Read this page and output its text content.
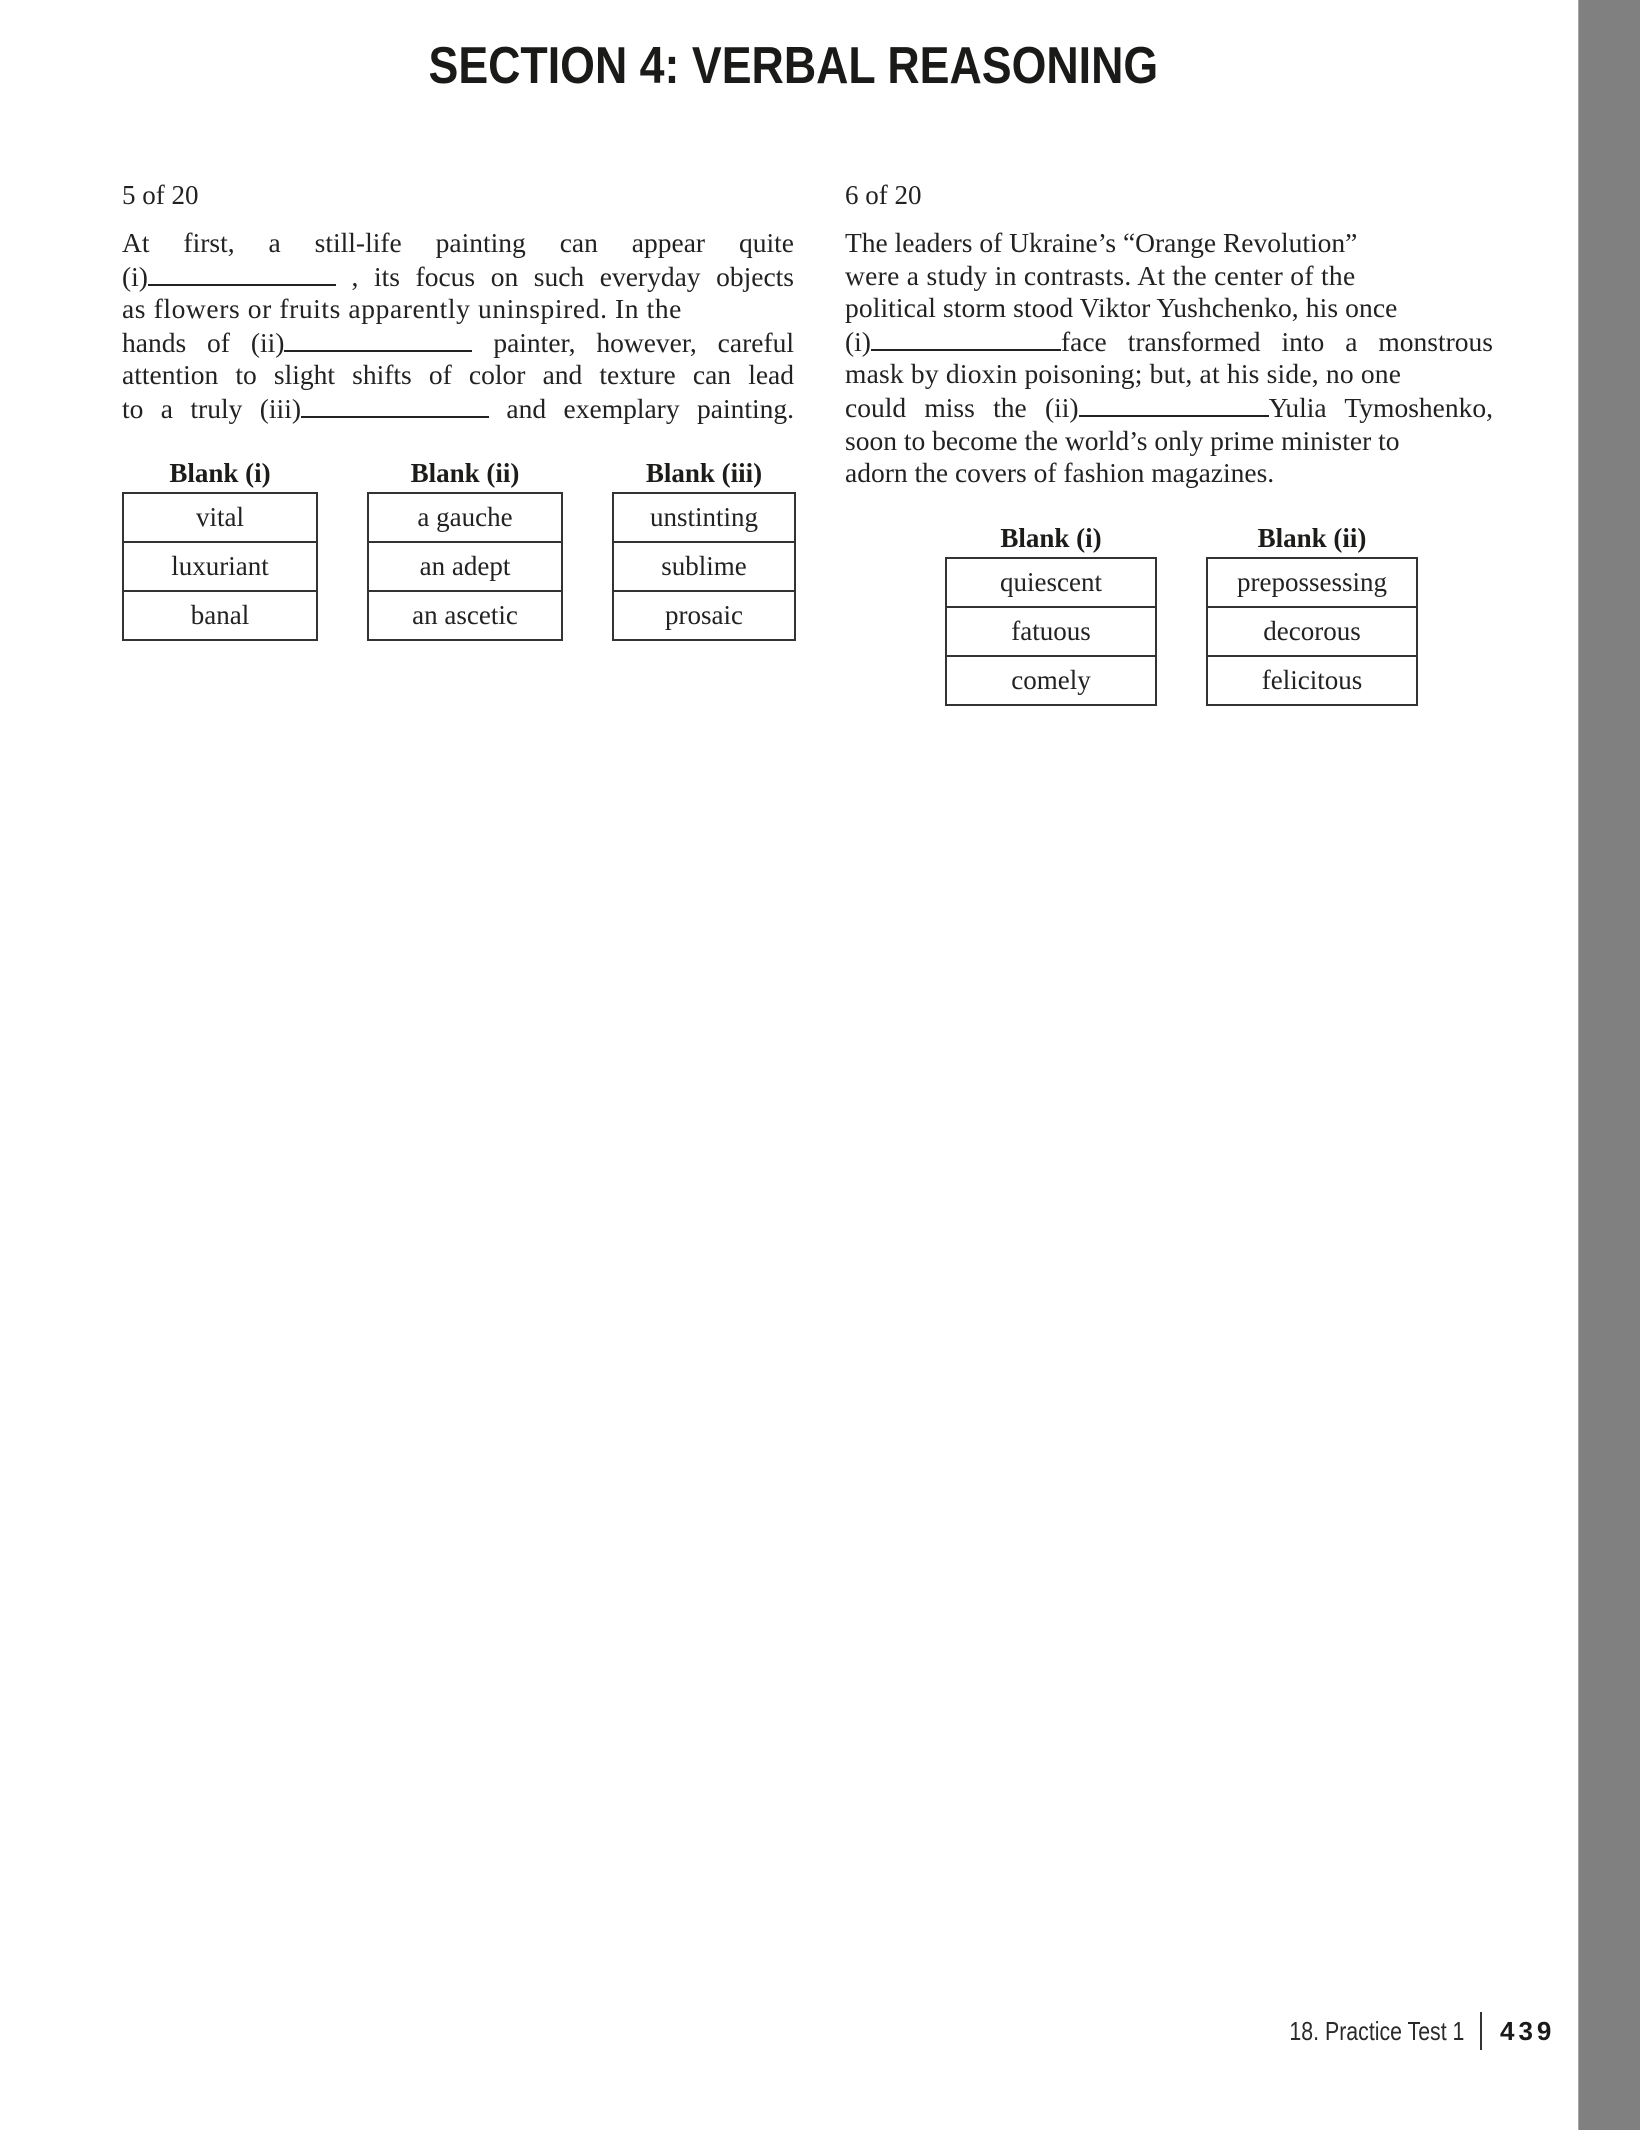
SECTION 4: VERBAL REASONING
5 of 20
At first, a still-life painting can appear quite
(i)	, its focus on such everyday objects
as flowers or fruits apparently uninspired. In the
hands of (ii)	painter, however, careful
attention to slight shifts of color and texture can lead
to a truly (iii)	and exemplary painting.
Blank (i)
vital
luxuriant
banal
Blank (ii)
a gauche
an adept
an ascetic
Blank (iii)
unstinting
sublime
prosaic
6 of 20
The leaders of Ukraine’s “Orange Revolution”
were a study in contrasts. At the center of the
political storm stood Viktor Yushchenko, his once
(i)	face transformed into a monstrous
mask by dioxin poisoning; but, at his side, no one
could miss the (ii)	Yulia Tymoshenko,
soon to become the world’s only prime minister to
adorn the covers of fashion magazines.
Blank (i)
quiescent
fatuous
comely
Blank (ii)
prepossessing
decorous
felicitous
18. Practice Test 1 439
